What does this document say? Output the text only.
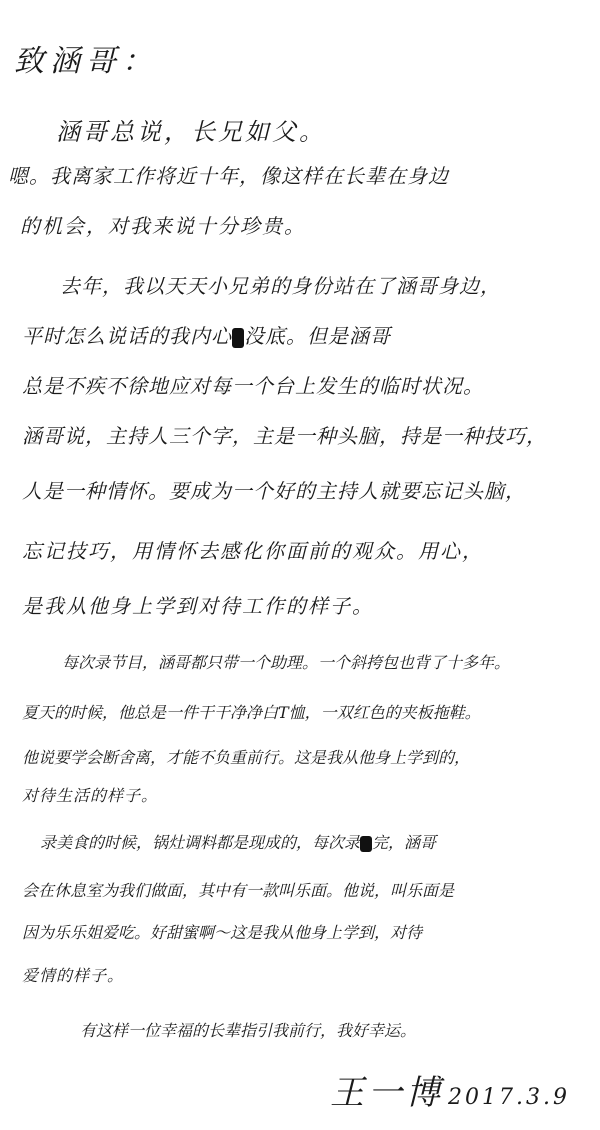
致涵哥：
涵哥总说，长兄如父。
嗯。我离家工作将近十年，像这样在长辈在身边
的机会，对我来说十分珍贵。
去年，我以天天小兄弟的身份站在了涵哥身边，
平时怎么说话的我内心 没底。但是涵哥
总是不疾不徐地应对每一个台上发生的临时状况。
涵哥说，主持人三个字，主是一种头脑，持是一种技巧，
人是一种情怀。要成为一个好的主持人就要忘记头脑，
忘记技巧，用情怀去感化你面前的观众。用心，
是我从他身上学到对待工作的样子。
每次录节目，涵哥都只带一个助理。一个斜挎包也背了十多年。
夏天的时候，他总是一件干干净净白T恤，一双红色的夹板拖鞋。
他说要学会断舍离，才能不负重前行。这是我从他身上学到的，
对待生活的样子。
录美食的时候，锅灶调料都是现成的，每次录 完，涵哥
会在休息室为我们做面，其中有一款叫乐面。他说，叫乐面是
因为乐乐姐爱吃。好甜蜜啊～这是我从他身上学到，对待
爱情的样子。
有这样一位幸福的长辈指引我前行，我好幸运。
王一博 2017.3.9
